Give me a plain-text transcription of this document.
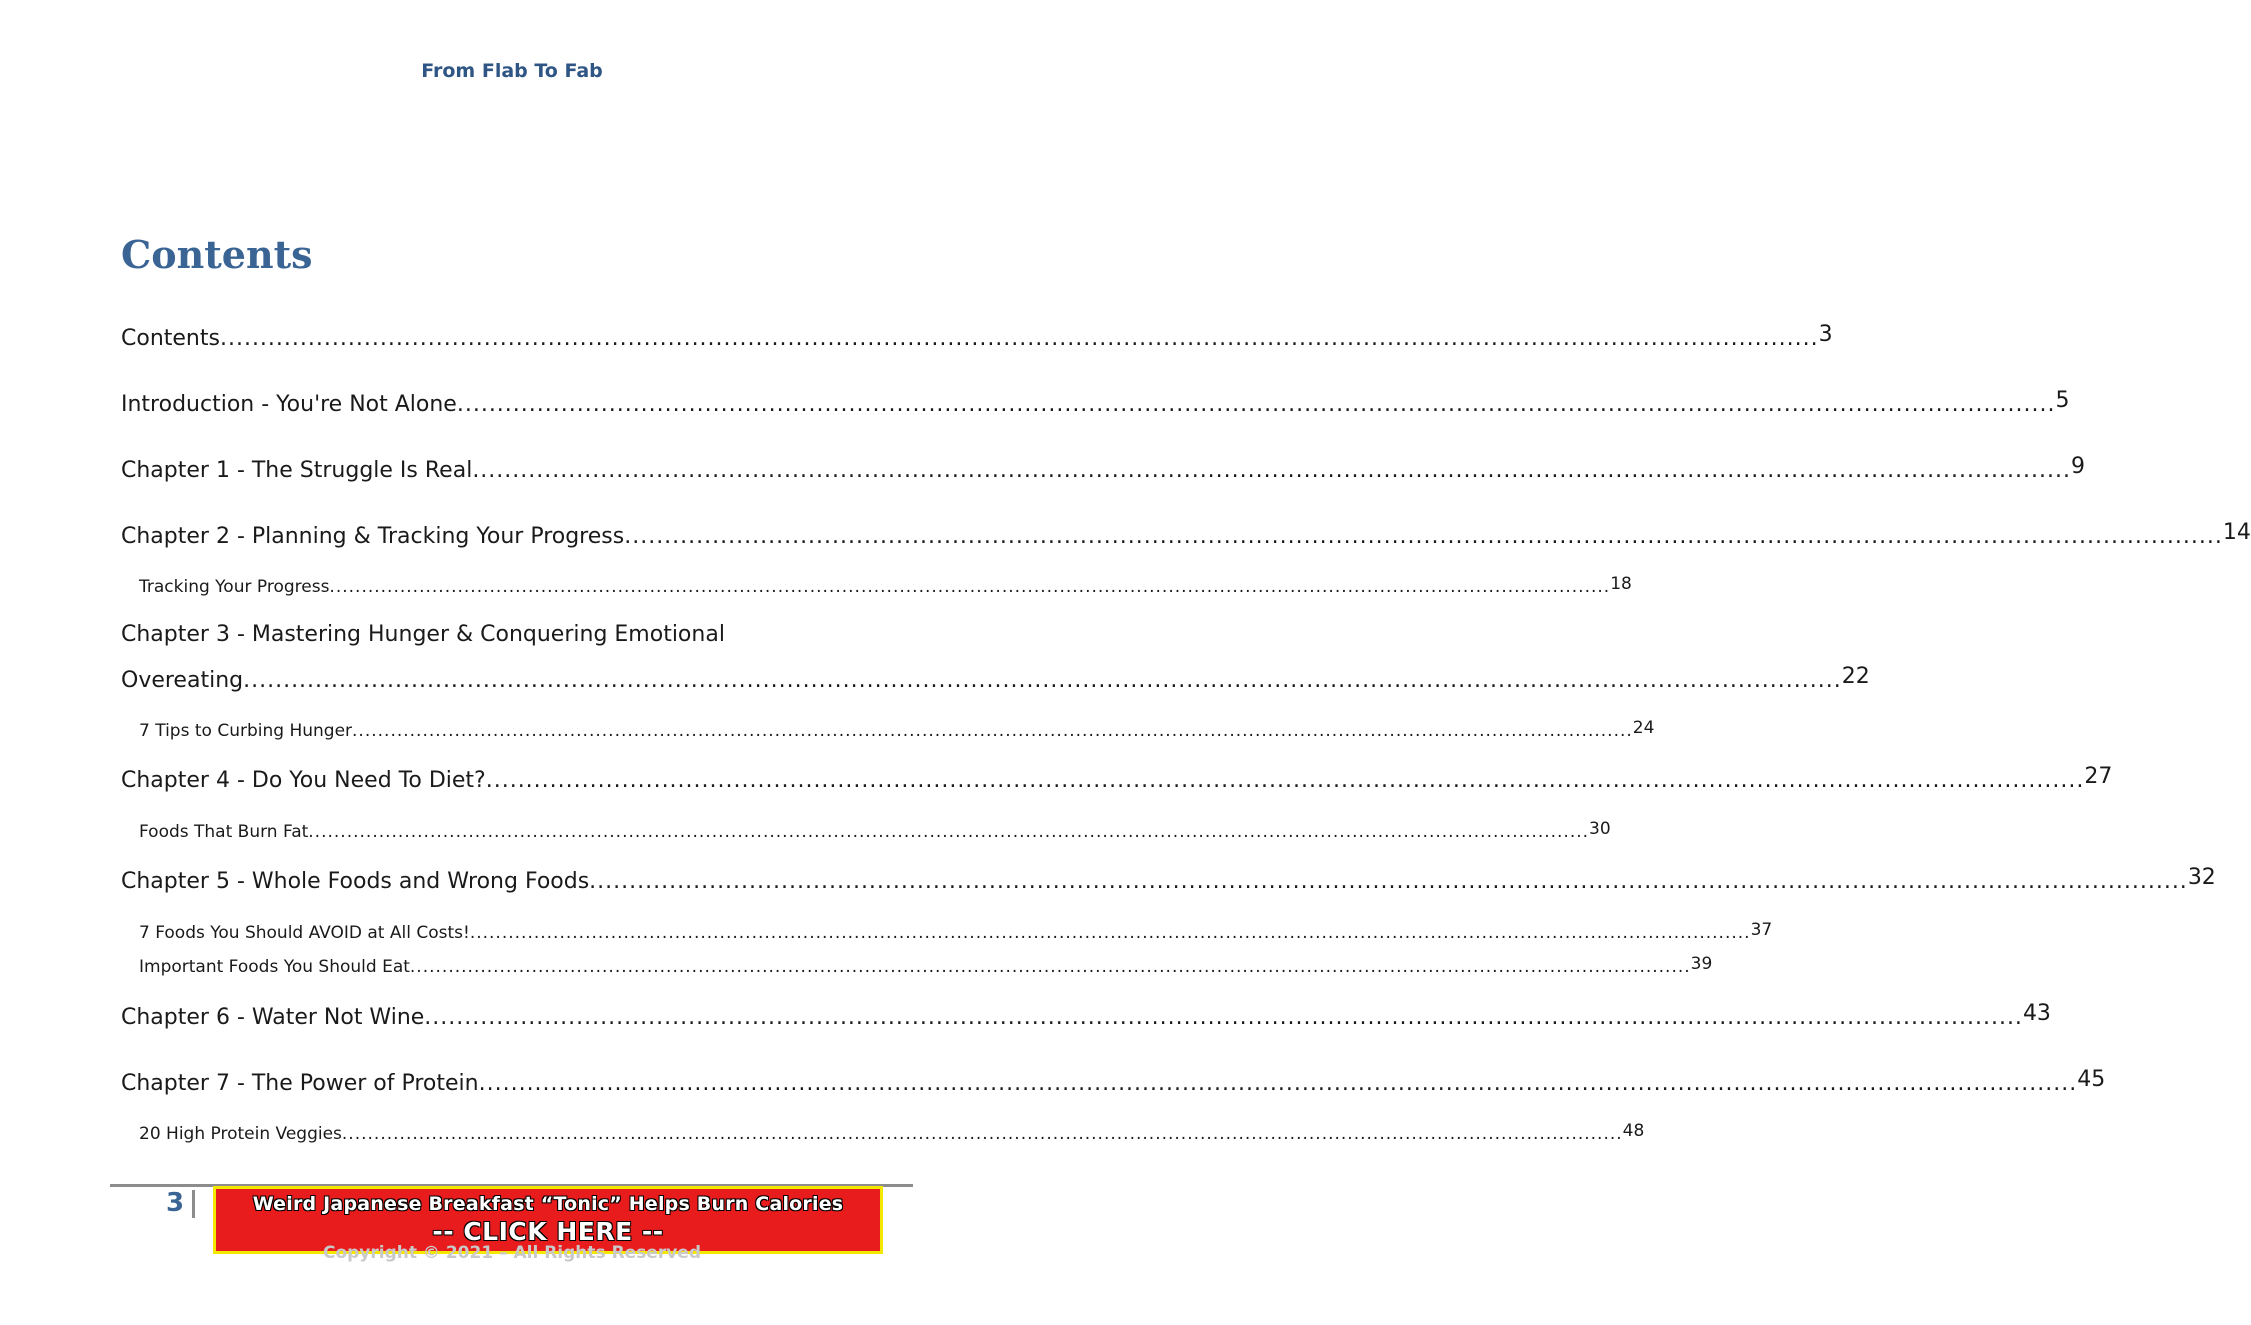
From Flab To Fab
Contents
Contents ........................................................................................................................................................................................................ 3
Introduction - You're Not Alone ........................................................................................................................................................................................................ 5
Chapter 1 - The Struggle Is Real ........................................................................................................................................................................................................ 9
Chapter 2 - Planning & Tracking Your Progress ........................................................................................................................................................................................................ 14
Tracking Your Progress ........................................................................................................................................................................................................ 18
Chapter 3 - Mastering Hunger & Conquering Emotional
Overeating ........................................................................................................................................................................................................ 22
7 Tips to Curbing Hunger ........................................................................................................................................................................................................ 24
Chapter 4 - Do You Need To Diet? ........................................................................................................................................................................................................ 27
Foods That Burn Fat ........................................................................................................................................................................................................ 30
Chapter 5 - Whole Foods and Wrong Foods ........................................................................................................................................................................................................ 32
7 Foods You Should AVOID at All Costs! ........................................................................................................................................................................................................ 37
Important Foods You Should Eat ........................................................................................................................................................................................................ 39
Chapter 6 - Water Not Wine ........................................................................................................................................................................................................ 43
Chapter 7 - The Power of Protein ........................................................................................................................................................................................................ 45
20 High Protein Veggies ........................................................................................................................................................................................................ 48
3	Weird Japanese Breakfast “Tonic” Helps Burn Calories
-- CLICK HERE --
Copyright © 2021 – All Rights Reserved
